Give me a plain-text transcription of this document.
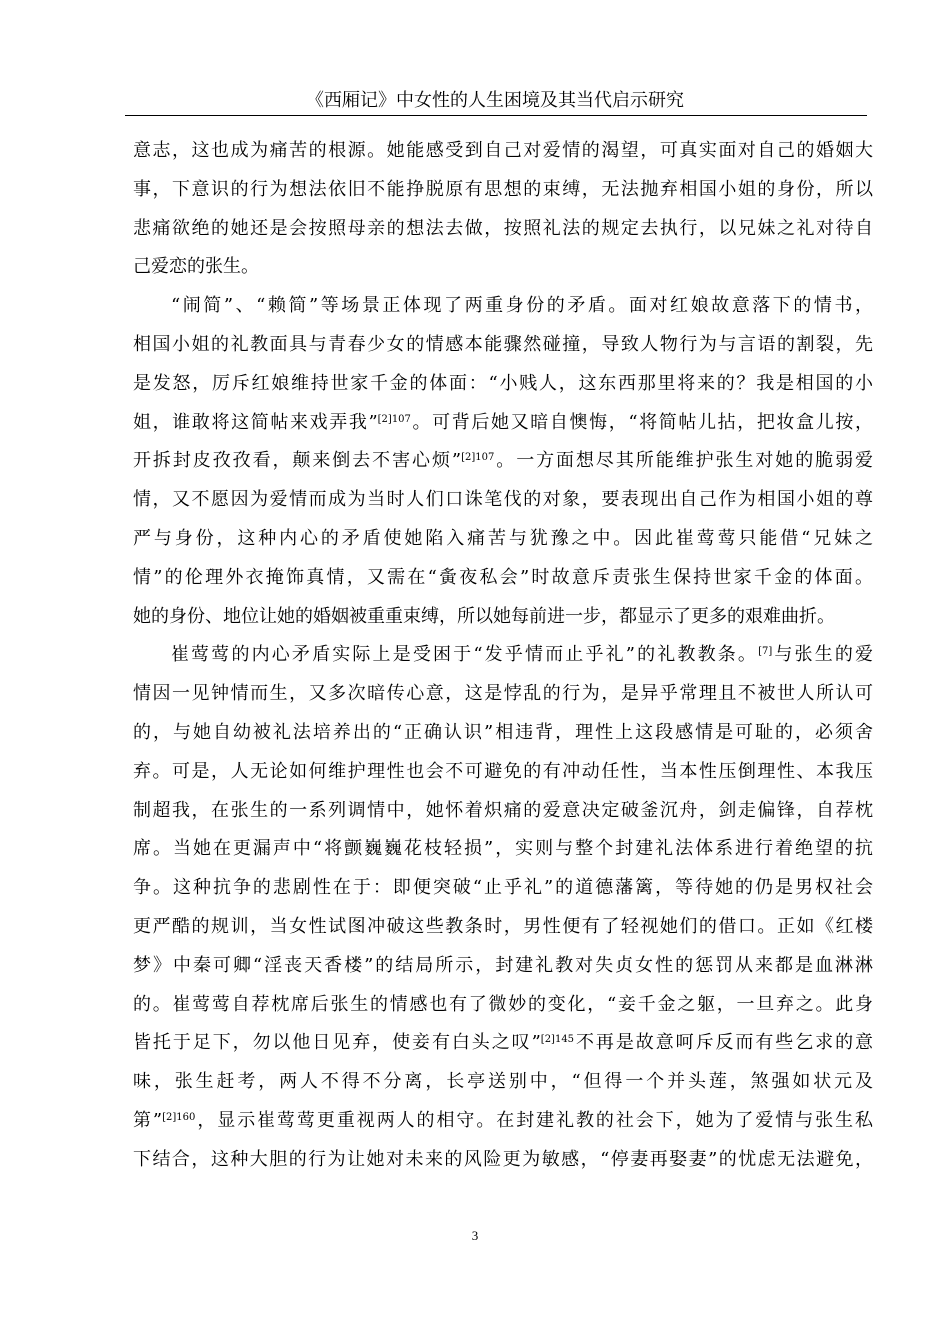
《西厢记》中女性的人生困境及其当代启示研究
意志，这也成为痛苦的根源。她能感受到自己对爱情的渴望，可真实面对自己的婚姻大
事，下意识的行为想法依旧不能挣脱原有思想的束缚，无法抛弃相国小姐的身份，所以
悲痛欲绝的她还是会按照母亲的想法去做，按照礼法的规定去执行，以兄妹之礼对待自
己爱恋的张生。
“闹简”、“赖简”等场景正体现了两重身份的矛盾。面对红娘故意落下的情书，
相国小姐的礼教面具与青春少女的情感本能骤然碰撞，导致人物行为与言语的割裂，先
是发怒，厉斥红娘维持世家千金的体面：“小贱人，这东西那里将来的？我是相国的小
姐，谁敢将这简帖来戏弄我”$^{[2]107}$。可背后她又暗自懊悔，“将简帖儿拈，把妆盒儿按，
开拆封皮孜孜看，颠来倒去不害心烦”$^{[2]107}$。一方面想尽其所能维护张生对她的脆弱爱
情，又不愿因为爱情而成为当时人们口诛笔伐的对象，要表现出自己作为相国小姐的尊
严与身份，这种内心的矛盾使她陷入痛苦与犹豫之中。因此崔莺莺只能借“兄妹之
情”的伦理外衣掩饰真情，又需在“夤夜私会”时故意斥责张生保持世家千金的体面。
她的身份、地位让她的婚姻被重重束缚，所以她每前进一步，都显示了更多的艰难曲折。
崔莺莺的内心矛盾实际上是受困于“发乎情而止乎礼”的礼教教条。[7]与张生的爱
情因一见钟情而生，又多次暗传心意，这是悖乱的行为，是异乎常理且不被世人所认可
的，与她自幼被礼法培养出的“正确认识”相违背，理性上这段感情是可耻的，必须舍
弃。可是，人无论如何维护理性也会不可避免的有冲动任性，当本性压倒理性、本我压
制超我，在张生的一系列调情中，她怀着炽痛的爱意决定破釜沉舟，剑走偏锋，自荐枕
席。当她在更漏声中“将颤巍巍花枝轻损”，实则与整个封建礼法体系进行着绝望的抗
争。这种抗争的悲剧性在于：即便突破“止乎礼”的道德藩篱，等待她的仍是男权社会
更严酷的规训，当女性试图冲破这些教条时，男性便有了轻视她们的借口。正如《红楼
梦》中秦可卿“淫丧天香楼”的结局所示，封建礼教对失贞女性的惩罚从来都是血淋淋
的。崔莺莺自荐枕席后张生的情感也有了微妙的变化，“妾千金之躯，一旦弃之。此身
皆托于足下，勿以他日见弃，使妾有白头之叹”$^{[2]145}$不再是故意呵斥反而有些乞求的意
味，张生赶考，两人不得不分离，长亭送别中，“但得一个并头莲，煞强如状元及
第”$^{[2]160}$，显示崔莺莺更重视两人的相守。在封建礼教的社会下，她为了爱情与张生私
下结合，这种大胆的行为让她对未来的风险更为敏感，“停妻再娶妻”的忧虑无法避免，
3
